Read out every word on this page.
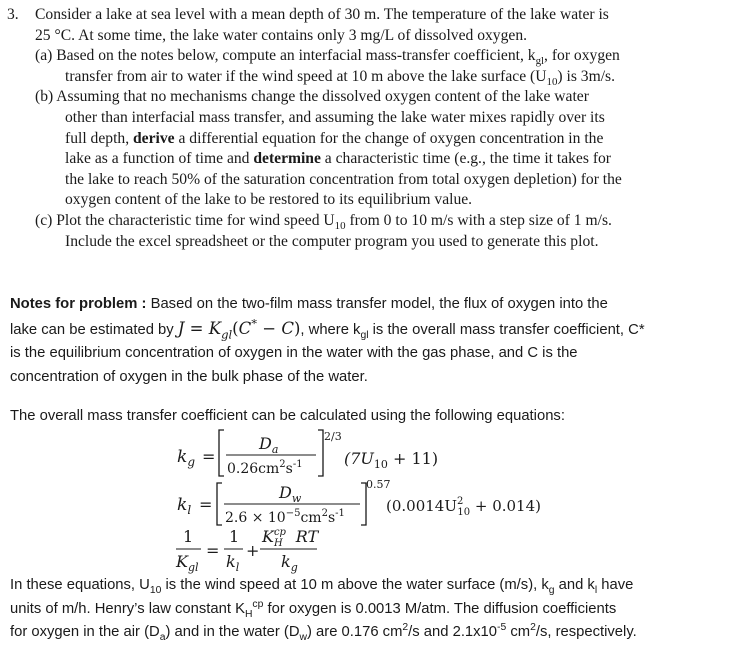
3. Consider a lake at sea level with a mean depth of 30 m. The temperature of the lake water is
25 °C. At some time, the lake water contains only 3 mg/L of dissolved oxygen.
(a) Based on the notes below, compute an interfacial mass-transfer coefficient, $k_{gl}$, for oxygen
transfer from air to water if the wind speed at 10 m above the lake surface $(U_{10})$ is 3m/s.
(b) Assuming that no mechanisms change the dissolved oxygen content of the lake water
other than interfacial mass transfer, and assuming the lake water mixes rapidly over its
full depth, derive a differential equation for the change of oxygen concentration in the
lake as a function of time and determine a characteristic time (e.g., the time it takes for
the lake to reach 50% of the saturation concentration from total oxygen depletion) for the
oxygen content of the lake to be restored to its equilibrium value.
(c) Plot the characteristic time for wind speed $U_{10}$ from 0 to 10 m/s with a step size of 1 m/s.
Include the excel spreadsheet or the computer program you used to generate this plot.
Notes for problem : Based on the two-film mass transfer model, the flux of oxygen into the
lake can be estimated by $J = K_{gl}(C^* - C)$, where $k_{gl}$ is the overall mass transfer coefficient, C*
is the equilibrium concentration of oxygen in the water with the gas phase, and C is the
concentration of oxygen in the bulk phase of the water.
The overall mass transfer coefficient can be calculated using the following equations:
$k_g$ =
$D_a$
$0.26cm^2s^{-1}$
2/3
$(7U_{10} + 11)$
$k_l$ =
$D_w$
$2.6 \times 10^{-5}cm^2s^{-1}$
0.57
($0.0014U^2$ 10 + 0.014)
1
$K_{gl}$
=
1
$k_l$
+
$K^{cp}$ H RT
$k_g$
In these equations, $U_{10}$ is the wind speed at 10 m above the water surface (m/s), $k_g$ and $k_l$ have
units of m/h. Henry’s law constant $K_H^{cp}$ for oxygen is 0.0013 M/atm. The diffusion coefficients
for oxygen in the air $(D_a)$ and in the water $(D_w)$ are 0.176 $cm^2/s$ and $2.1x10^{-5}$ $cm^2/s$, respectively.
